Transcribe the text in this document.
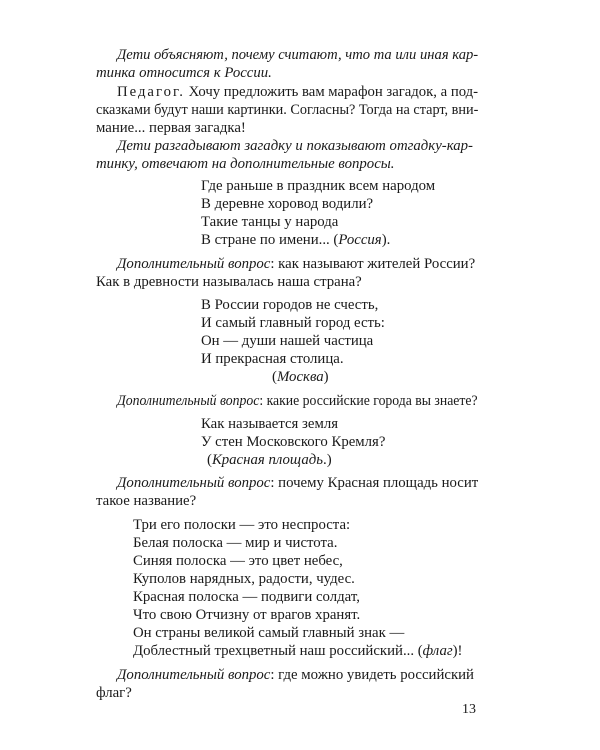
Дети объясняют, почему считают, что та или иная кар-
тинка относится к России.
Педагог. Хочу предложить вам марафон загадок, а под-
сказками будут наши картинки. Согласны? Тогда на старт, вни-
мание... первая загадка!
Дети разгадывают загадку и показывают отгадку-кар-
тинку, отвечают на дополнительные вопросы.
Где раньше в праздник всем народом
В деревне хоровод водили?
Такие танцы у народа
В стране по имени... (Россия).
Дополнительный вопрос: как называют жителей России?
Как в древности называлась наша страна?
В России городов не счесть,
И самый главный город есть:
Он — души нашей частица
И прекрасная столица.
(Москва)
Дополнительный вопрос: какие российские города вы знаете?
Как называется земля
У стен Московского Кремля?
(Красная площадь.)
Дополнительный вопрос: почему Красная площадь носит
такое название?
Три его полоски — это неспроста:
Белая полоска — мир и чистота.
Синяя полоска — это цвет небес,
Куполов нарядных, радости, чудес.
Красная полоска — подвиги солдат,
Что свою Отчизну от врагов хранят.
Он страны великой самый главный знак —
Доблестный трехцветный наш российский... (флаг)!
Дополнительный вопрос: где можно увидеть российский
флаг?
13
